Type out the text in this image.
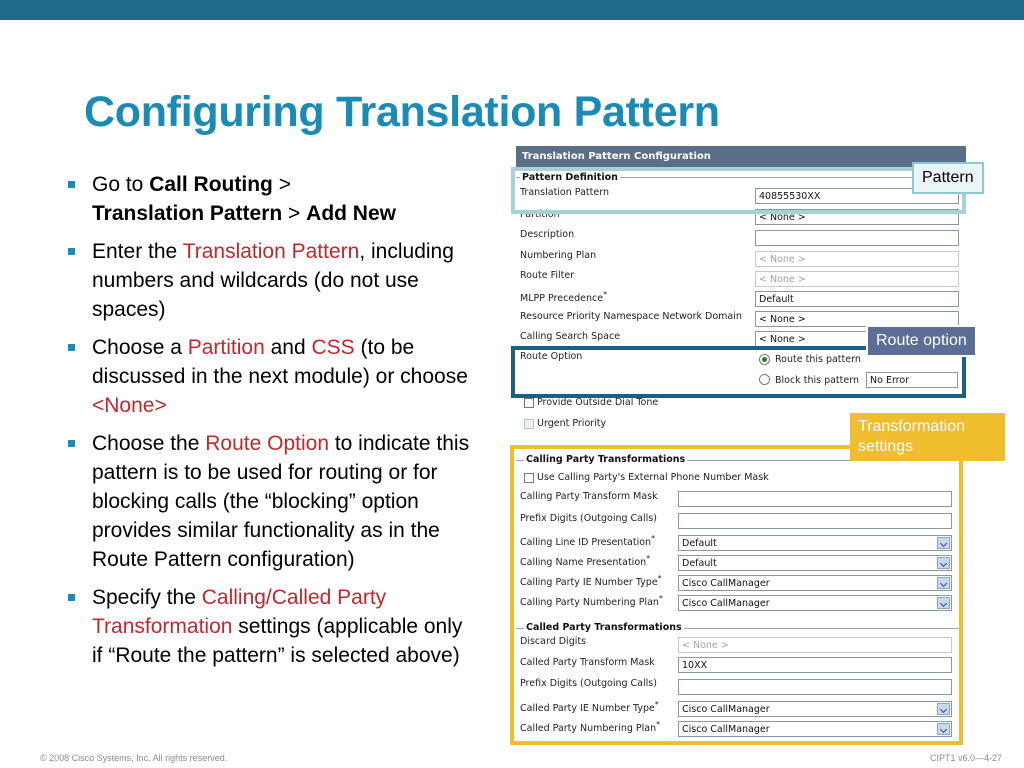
Configuring Translation Pattern
Go to Call Routing >
Translation Pattern > Add New
Enter the Translation Pattern, including numbers and wildcards (do not use spaces)
Choose a Partition and CSS (to be discussed in the next module) or choose <None>
Choose the Route Option to indicate this pattern is to be used for routing or for blocking calls (the “blocking” option provides similar functionality as in the Route Pattern configuration)
Specify the Calling/Called Party Transformation settings (applicable only if “Route the pattern” is selected above)
Translation Pattern Configuration
Pattern Definition
Translation Pattern	40855530XX
Partition	< None >
Description
Numbering Plan	< None >
Route Filter	< None >
MLPP Precedence*	Default
Resource Priority Namespace Network Domain	< None >
Calling Search Space	< None >
Route Option	Route this pattern
Block this pattern	No Error
Provide Outside Dial Tone
Urgent Priority
Calling Party Transformations
Use Calling Party's External Phone Number Mask
Calling Party Transform Mask
Prefix Digits (Outgoing Calls)
Calling Line ID Presentation*	Default
Calling Name Presentation*	Default
Calling Party IE Number Type*	Cisco CallManager
Calling Party Numbering Plan*	Cisco CallManager
Called Party Transformations
Discard Digits	< None >
Called Party Transform Mask	10XX
Prefix Digits (Outgoing Calls)
Called Party IE Number Type*	Cisco CallManager
Called Party Numbering Plan*	Cisco CallManager
Pattern
Route option
Transformation settings
© 2008 Cisco Systems, Inc. All rights reserved.	CIPT1 v6.0—4-27
